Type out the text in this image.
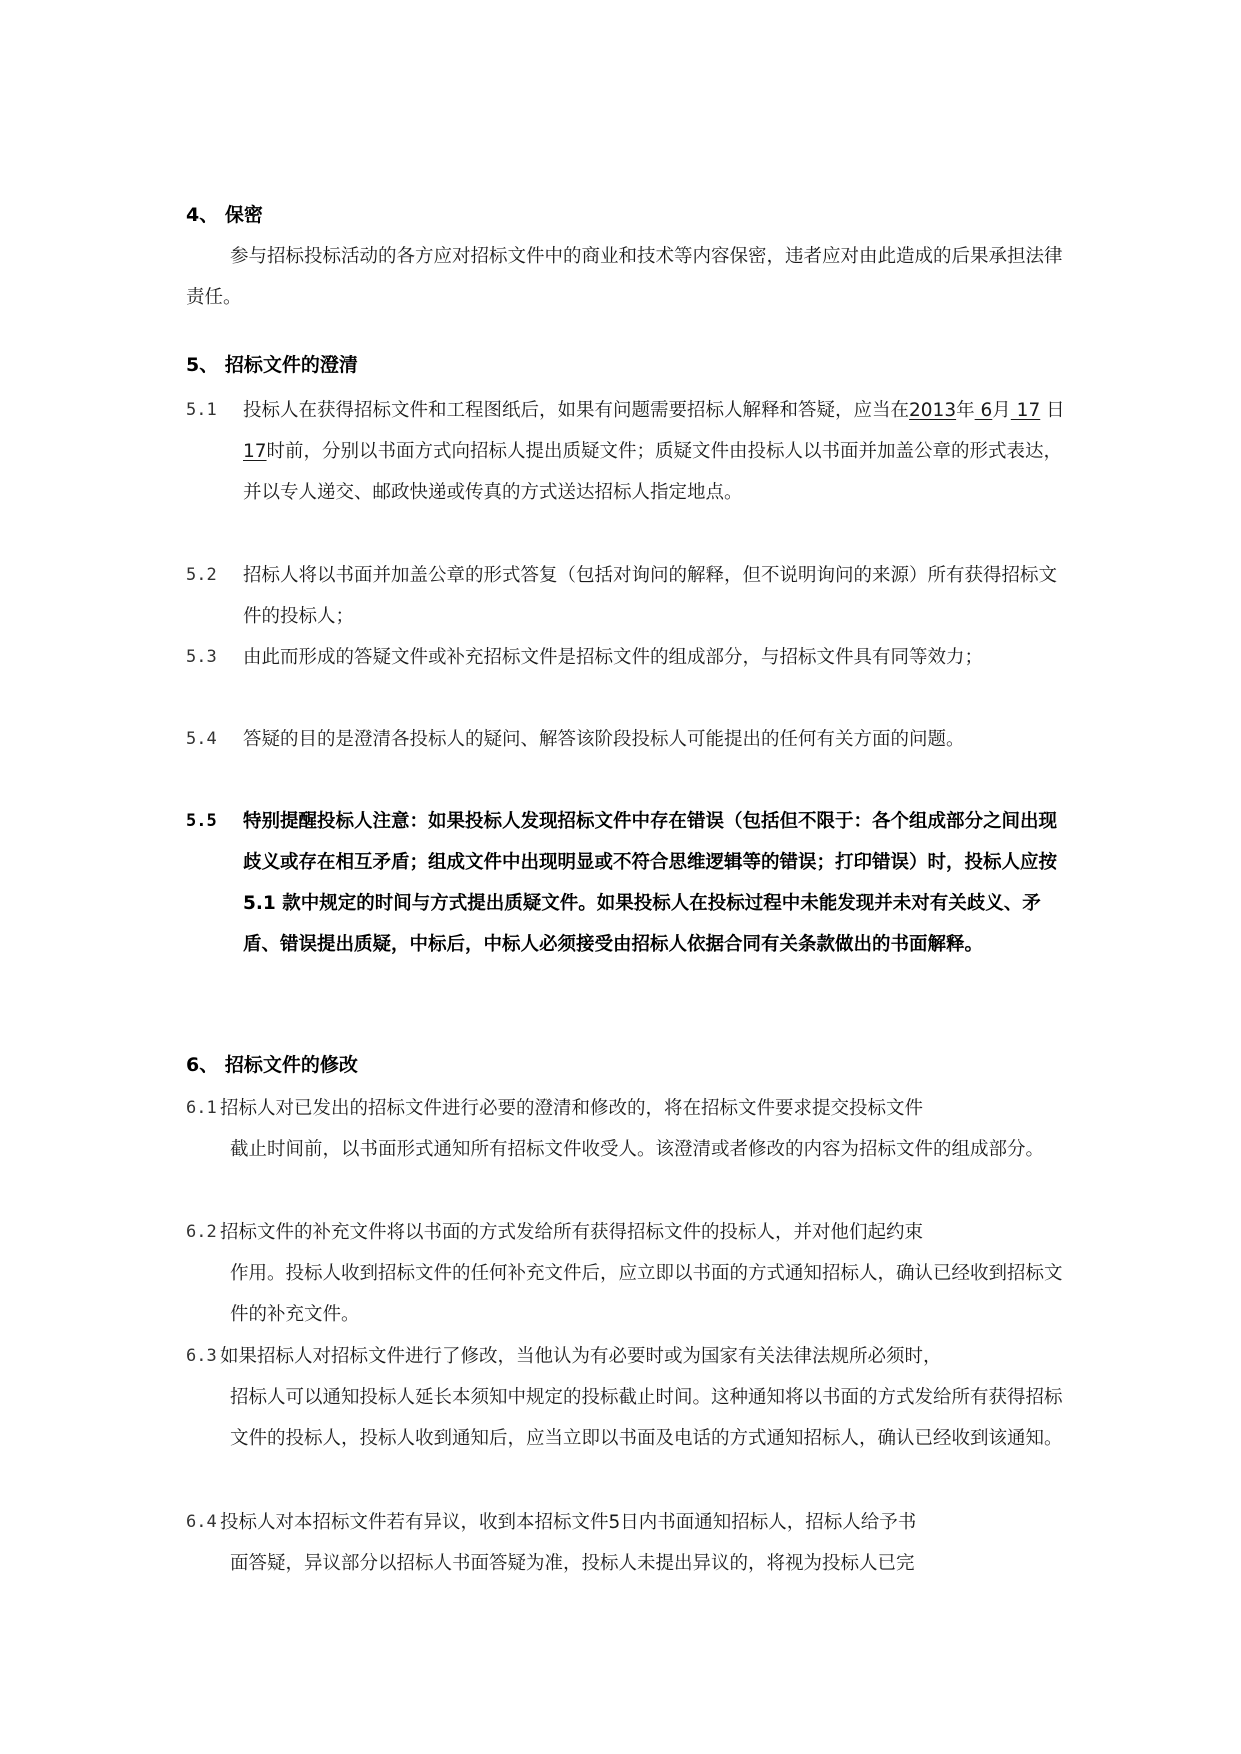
4、 保密
参与招标投标活动的各方应对招标文件中的商业和技术等内容保密，违者应对由此造成的后果承担法律责任。
5、 招标文件的澄清
5.1 投标人在获得招标文件和工程图纸后，如果有问题需要招标人解释和答疑，应当在2013年 6月 17 日17时前，分别以书面方式向招标人提出质疑文件；质疑文件由投标人以书面并加盖公章的形式表达，并以专人递交、邮政快递或传真的方式送达招标人指定地点。
5.2 招标人将以书面并加盖公章的形式答复（包括对询问的解释，但不说明询问的来源）所有获得招标文件的投标人；
5.3 由此而形成的答疑文件或补充招标文件是招标文件的组成部分，与招标文件具有同等效力；
5.4 答疑的目的是澄清各投标人的疑问、解答该阶段投标人可能提出的任何有关方面的问题。
5.5 特别提醒投标人注意：如果投标人发现招标文件中存在错误（包括但不限于：各个组成部分之间出现歧义或存在相互矛盾；组成文件中出现明显或不符合思维逻辑等的错误；打印错误）时，投标人应按5.1 款中规定的时间与方式提出质疑文件。如果投标人在投标过程中未能发现并未对有关歧义、矛盾、错误提出质疑，中标后，中标人必须接受由招标人依据合同有关条款做出的书面解释。
6、 招标文件的修改
6.1 招标人对已发出的招标文件进行必要的澄清和修改的，将在招标文件要求提交投标文件
截止时间前，以书面形式通知所有招标文件收受人。该澄清或者修改的内容为招标文件的组成部分。
6.2 招标文件的补充文件将以书面的方式发给所有获得招标文件的投标人，并对他们起约束
作用。投标人收到招标文件的任何补充文件后，应立即以书面的方式通知招标人，确认已经收到招标文件的补充文件。
6.3 如果招标人对招标文件进行了修改，当他认为有必要时或为国家有关法律法规所必须时，
招标人可以通知投标人延长本须知中规定的投标截止时间。这种通知将以书面的方式发给所有获得招标文件的投标人，投标人收到通知后，应当立即以书面及电话的方式通知招标人，确认已经收到该通知。
6.4 投标人对本招标文件若有异议，收到本招标文件5日内书面通知招标人，招标人给予书
面答疑，异议部分以招标人书面答疑为准，投标人未提出异议的，将视为投标人已完
